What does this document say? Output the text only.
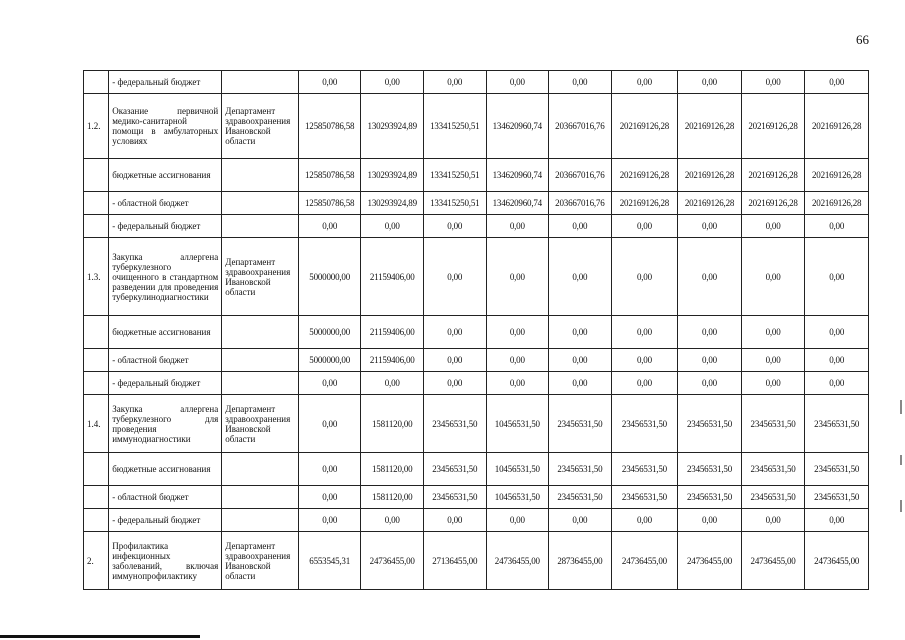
66
	- федеральный бюджет		0,00	0,00	0,00	0,00	0,00	0,00	0,00	0,00	0,00
1.2.	Оказание первичной медико-санитарной помощи в амбулаторных условиях	Департамент здравоохранения Ивановской области	125850786,58	130293924,89	133415250,51	134620960,74	203667016,76	202169126,28	202169126,28	202169126,28	202169126,28
	бюджетные ассигнования		125850786,58	130293924,89	133415250,51	134620960,74	203667016,76	202169126,28	202169126,28	202169126,28	202169126,28
	- областной бюджет		125850786,58	130293924,89	133415250,51	134620960,74	203667016,76	202169126,28	202169126,28	202169126,28	202169126,28
	- федеральный бюджет		0,00	0,00	0,00	0,00	0,00	0,00	0,00	0,00	0,00
1.3.	Закупка аллергена туберкулезного очищенного в стандартном разведении для проведения туберкулинодиагностики	Департамент здравоохранения Ивановской области	5000000,00	21159406,00	0,00	0,00	0,00	0,00	0,00	0,00	0,00
	бюджетные ассигнования		5000000,00	21159406,00	0,00	0,00	0,00	0,00	0,00	0,00	0,00
	- областной бюджет		5000000,00	21159406,00	0,00	0,00	0,00	0,00	0,00	0,00	0,00
	- федеральный бюджет		0,00	0,00	0,00	0,00	0,00	0,00	0,00	0,00	0,00
1.4.	Закупка аллергена туберкулезного для проведения иммунодиагностики	Департамент здравоохранения Ивановской области	0,00	1581120,00	23456531,50	10456531,50	23456531,50	23456531,50	23456531,50	23456531,50	23456531,50
	бюджетные ассигнования		0,00	1581120,00	23456531,50	10456531,50	23456531,50	23456531,50	23456531,50	23456531,50	23456531,50
	- областной бюджет		0,00	1581120,00	23456531,50	10456531,50	23456531,50	23456531,50	23456531,50	23456531,50	23456531,50
	- федеральный бюджет		0,00	0,00	0,00	0,00	0,00	0,00	0,00	0,00	0,00
2.	Профилактика инфекционных заболеваний, включая иммунопрофилактику	Департамент здравоохранения Ивановской области	6553545,31	24736455,00	27136455,00	24736455,00	28736455,00	24736455,00	24736455,00	24736455,00	24736455,00
